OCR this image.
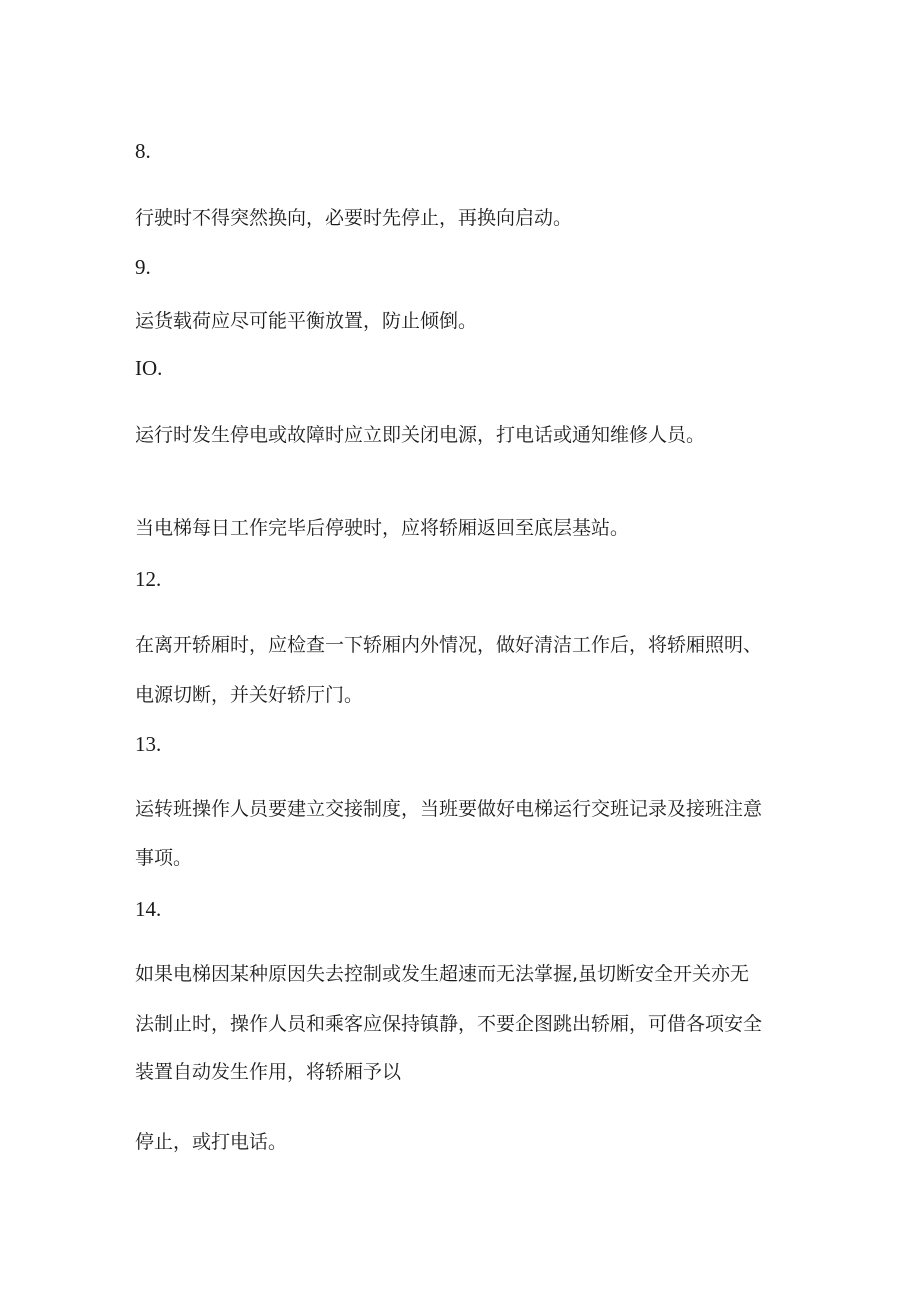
8.
行驶时不得突然换向，必要时先停止，再换向启动。
9.
运货载荷应尽可能平衡放置，防止倾倒。
IO.
运行时发生停电或故障时应立即关闭电源，打电话或通知维修人员。
当电梯每日工作完毕后停驶时，应将轿厢返回至底层基站。
12.
在离开轿厢时，应检查一下轿厢内外情况，做好清洁工作后，将轿厢照明、
电源切断，并关好轿厅门。
13.
运转班操作人员要建立交接制度，当班要做好电梯运行交班记录及接班注意
事项。
14.
如果电梯因某种原因失去控制或发生超速而无法掌握,虽切断安全开关亦无
法制止时，操作人员和乘客应保持镇静，不要企图跳出轿厢，可借各项安全
装置自动发生作用，将轿厢予以
停止，或打电话。
